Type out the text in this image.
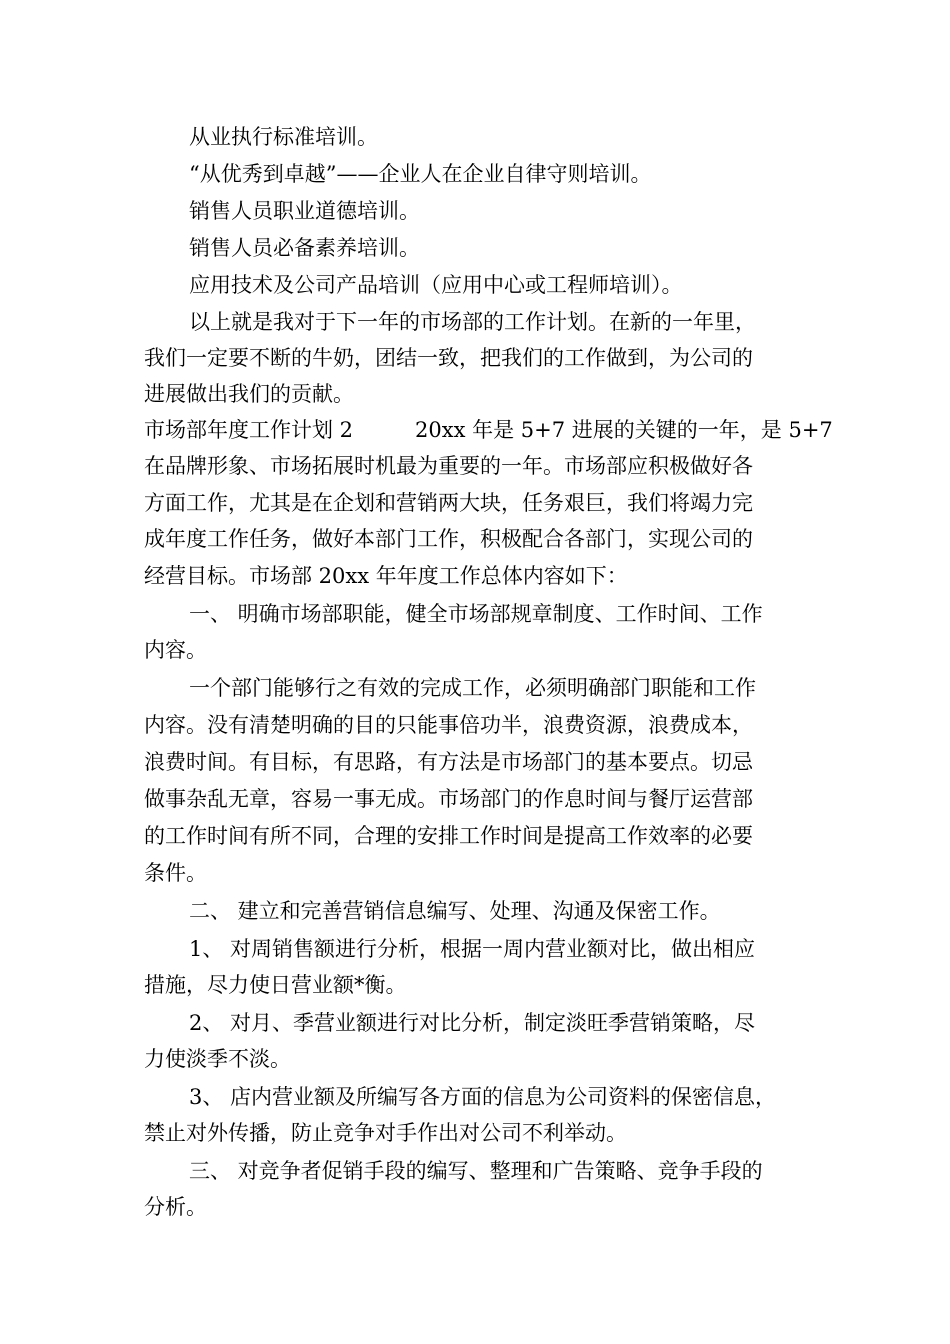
从业执行标准培训。
“从优秀到卓越”——企业人在企业自律守则培训。
销售人员职业道德培训。
销售人员必备素养培训。
应用技术及公司产品培训（应用中心或工程师培训）。
以上就是我对于下一年的市场部的工作计划。在新的一年里，
我们一定要不断的牛奶，团结一致，把我们的工作做到，为公司的
进展做出我们的贡献。
市场部年度工作计划 2	20xx 年是 5+7 进展的关键的一年，是 5+7
在品牌形象、市场拓展时机最为重要的一年。市场部应积极做好各
方面工作，尤其是在企划和营销两大块，任务艰巨，我们将竭力完
成年度工作任务，做好本部门工作，积极配合各部门，实现公司的
经营目标。市场部 20xx 年年度工作总体内容如下：
一、 明确市场部职能，健全市场部规章制度、工作时间、工作
内容。
一个部门能够行之有效的完成工作，必须明确部门职能和工作
内容。没有清楚明确的目的只能事倍功半，浪费资源，浪费成本，
浪费时间。有目标，有思路，有方法是市场部门的基本要点。切忌
做事杂乱无章，容易一事无成。市场部门的作息时间与餐厅运营部
的工作时间有所不同，合理的安排工作时间是提高工作效率的必要
条件。
二、 建立和完善营销信息编写、处理、沟通及保密工作。
1、 对周销售额进行分析，根据一周内营业额对比，做出相应
措施，尽力使日营业额*衡。
2、 对月、季营业额进行对比分析，制定淡旺季营销策略，尽
力使淡季不淡。
3、 店内营业额及所编写各方面的信息为公司资料的保密信息，
禁止对外传播，防止竞争对手作出对公司不利举动。
三、 对竞争者促销手段的编写、整理和广告策略、竞争手段的
分析。
